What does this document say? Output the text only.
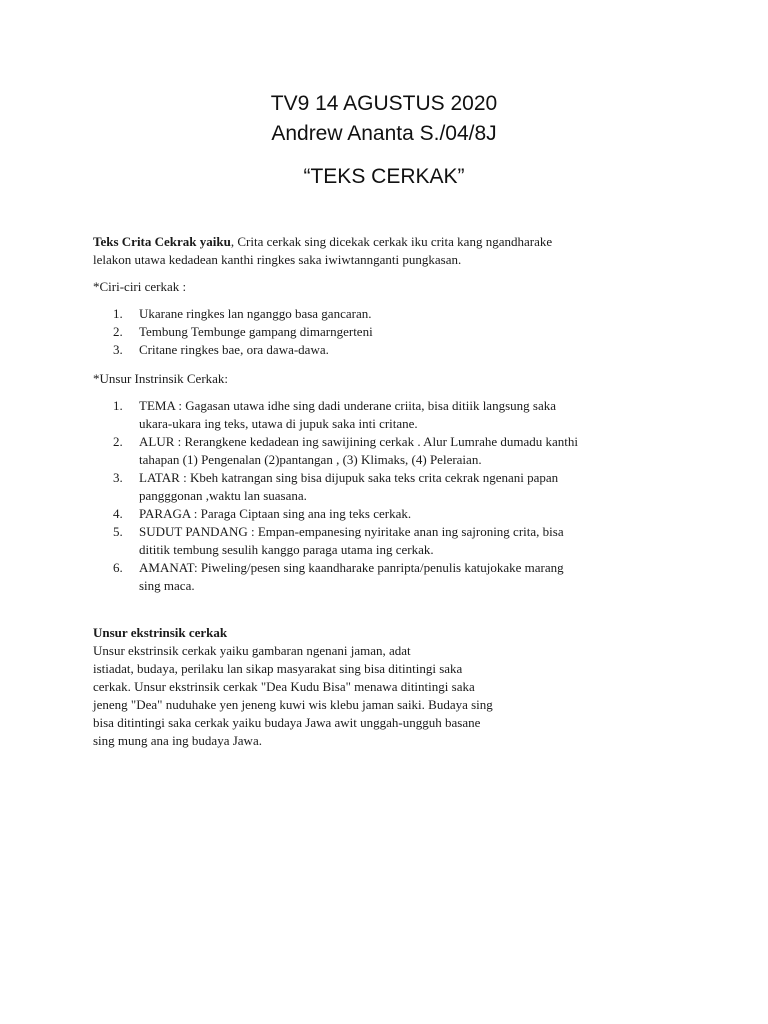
TV9 14 AGUSTUS 2020
Andrew Ananta S./04/8J
“TEKS CERKAK”

Teks Crita Cekrak yaiku, Crita cerkak sing dicekak cerkak iku crita kang ngandharake
lelakon utawa kedadean kanthi ringkes saka iwiwtannganti pungkasan.

*Ciri-ciri cerkak :

1. Ukarane ringkes lan nganggo basa gancaran.
2. Tembung Tembunge gampang dimarngerteni
3. Critane ringkes bae, ora dawa-dawa.

*Unsur Instrinsik Cerkak:

1. TEMA : Gagasan utawa idhe sing dadi underane criita, bisa ditiik langsung saka
ukara-ukara ing teks, utawa di jupuk saka inti critane.
2. ALUR : Rerangkene kedadean ing sawijining cerkak . Alur Lumrahe dumadu kanthi
tahapan (1) Pengenalan (2)pantangan , (3) Klimaks, (4) Peleraian.
3. LATAR : Kbeh katrangan sing bisa dijupuk saka teks crita cekrak ngenani papan
pangggonan ,waktu lan suasana.
4. PARAGA : Paraga Ciptaan sing ana ing teks cerkak.
5. SUDUT PANDANG : Empan-empanesing nyiritake anan ing sajroning crita, bisa
dititik tembung sesulih kanggo paraga utama ing cerkak.
6. AMANAT: Piweling/pesen sing kaandharake panripta/penulis katujokake marang
sing maca.
Unsur ekstrinsik cerkak
Unsur ekstrinsik cerkak yaiku gambaran ngenani jaman, adat
istiadat, budaya, perilaku lan sikap masyarakat sing bisa ditintingi saka
cerkak. Unsur ekstrinsik cerkak "Dea Kudu Bisa" menawa ditintingi saka
jeneng "Dea" nuduhake yen jeneng kuwi wis klebu jaman saiki. Budaya sing
bisa ditintingi saka cerkak yaiku budaya Jawa awit unggah-ungguh basane
sing mung ana ing budaya Jawa.
